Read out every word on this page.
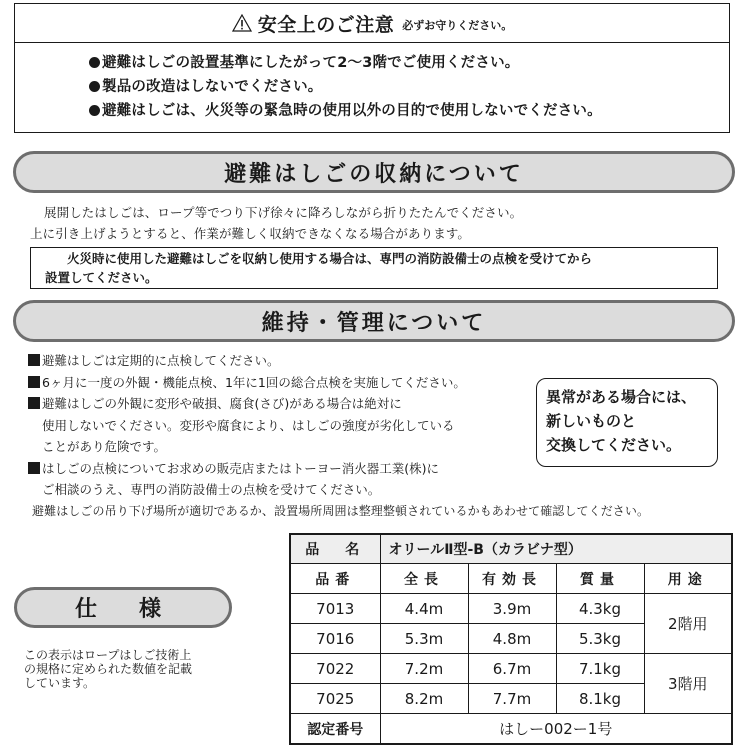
安全上のご注意 必ずお守りください。
避難はしごの設置基準にしたがって2〜3階でご使用ください。
製品の改造はしないでください。
避難はしごは、火災等の緊急時の使用以外の目的で使用しないでください。
避難はしごの収納について
展開したはしごは、ロープ等でつり下げ徐々に降ろしながら折りたたんでください。
上に引き上げようとすると、作業が難しく収納できなくなる場合があります。
火災時に使用した避難はしごを収納し使用する場合は、専門の消防設備士の点検を受けてから
設置してください。
維持・管理について
避難はしごは定期的に点検してください。
6ヶ月に一度の外観・機能点検、1年に1回の総合点検を実施してください。
避難はしごの外観に変形や破損、腐食(さび)がある場合は絶対に
使用しないでください。変形や腐食により、はしごの強度が劣化している
ことがあり危険です。
はしごの点検についてお求めの販売店またはトーヨー消火器工業(株)に
ご相談のうえ、専門の消防設備士の点検を受けてください。
避難はしごの吊り下げ場所が適切であるか、設置場所周囲は整理整頓されているかもあわせて確認してください。
異常がある場合には、
新しいものと
交換してください。
仕　様
この表示はロープはしご技術上
の規格に定められた数値を記載
しています。
品　名	オリールⅡ型-B（カラビナ型）			
品番	全長	有効長	質量	用途
7013	4.4m	3.9m	4.3kg	2階用
7016	5.3m	4.8m	5.3kg	
7022	7.2m	6.7m	7.1kg	3階用
7025	8.2m	7.7m	8.1kg	
認定番号	はしー002ー1号			
